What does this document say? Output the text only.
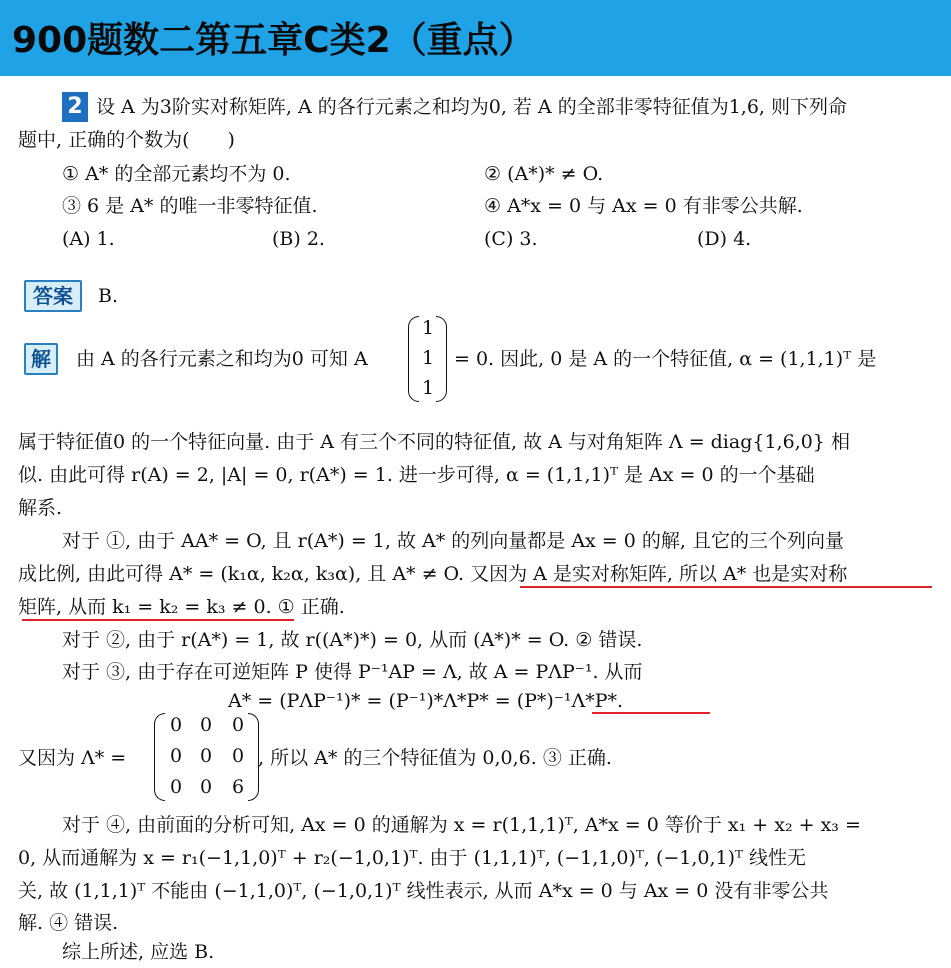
900题数二第五章C类2（重点）
2 设 A 为3阶实对称矩阵, A 的各行元素之和均为0, 若 A 的全部非零特征值为1,6, 则下列命
题中, 正确的个数为(　　)
① A* 的全部元素均不为 0.	② (A*)* ≠ O.
③ 6 是 A* 的唯一非零特征值.	④ A*x = 0 与 Ax = 0 有非零公共解.
(A) 1.	(B) 2.	(C) 3.	(D) 4.
答案	B.
解	由 A 的各行元素之和均为0 可知 A
1
1
1
= 0. 因此, 0 是 A 的一个特征值, α = (1,1,1)ᵀ 是
属于特征值0 的一个特征向量. 由于 A 有三个不同的特征值, 故 A 与对角矩阵 Λ = diag{1,6,0} 相
似. 由此可得 r(A) = 2, |A| = 0, r(A*) = 1. 进一步可得, α = (1,1,1)ᵀ 是 Ax = 0 的一个基础
解系.
对于 ①, 由于 AA* = O, 且 r(A*) = 1, 故 A* 的列向量都是 Ax = 0 的解, 且它的三个列向量
成比例, 由此可得 A* = (k₁α, k₂α, k₃α), 且 A* ≠ O. 又因为 A 是实对称矩阵, 所以 A* 也是实对称
矩阵, 从而 k₁ = k₂ = k₃ ≠ 0. ① 正确.
对于 ②, 由于 r(A*) = 1, 故 r((A*)*) = 0, 从而 (A*)* = O. ② 错误.
对于 ③, 由于存在可逆矩阵 P 使得 P⁻¹AP = Λ, 故 A = PΛP⁻¹. 从而
A* = (PΛP⁻¹)* = (P⁻¹)*Λ*P* = (P*)⁻¹Λ*P*.
又因为 Λ* =
0 0	0
0 0	0
0 0	6
, 所以 A* 的三个特征值为 0,0,6. ③ 正确.
对于 ④, 由前面的分析可知, Ax = 0 的通解为 x = r(1,1,1)ᵀ, A*x = 0 等价于 x₁ + x₂ + x₃ =
0, 从而通解为 x = r₁(−1,1,0)ᵀ + r₂(−1,0,1)ᵀ. 由于 (1,1,1)ᵀ, (−1,1,0)ᵀ, (−1,0,1)ᵀ 线性无
关, 故 (1,1,1)ᵀ 不能由 (−1,1,0)ᵀ, (−1,0,1)ᵀ 线性表示, 从而 A*x = 0 与 Ax = 0 没有非零公共
解. ④ 错误.
综上所述, 应选 B.
